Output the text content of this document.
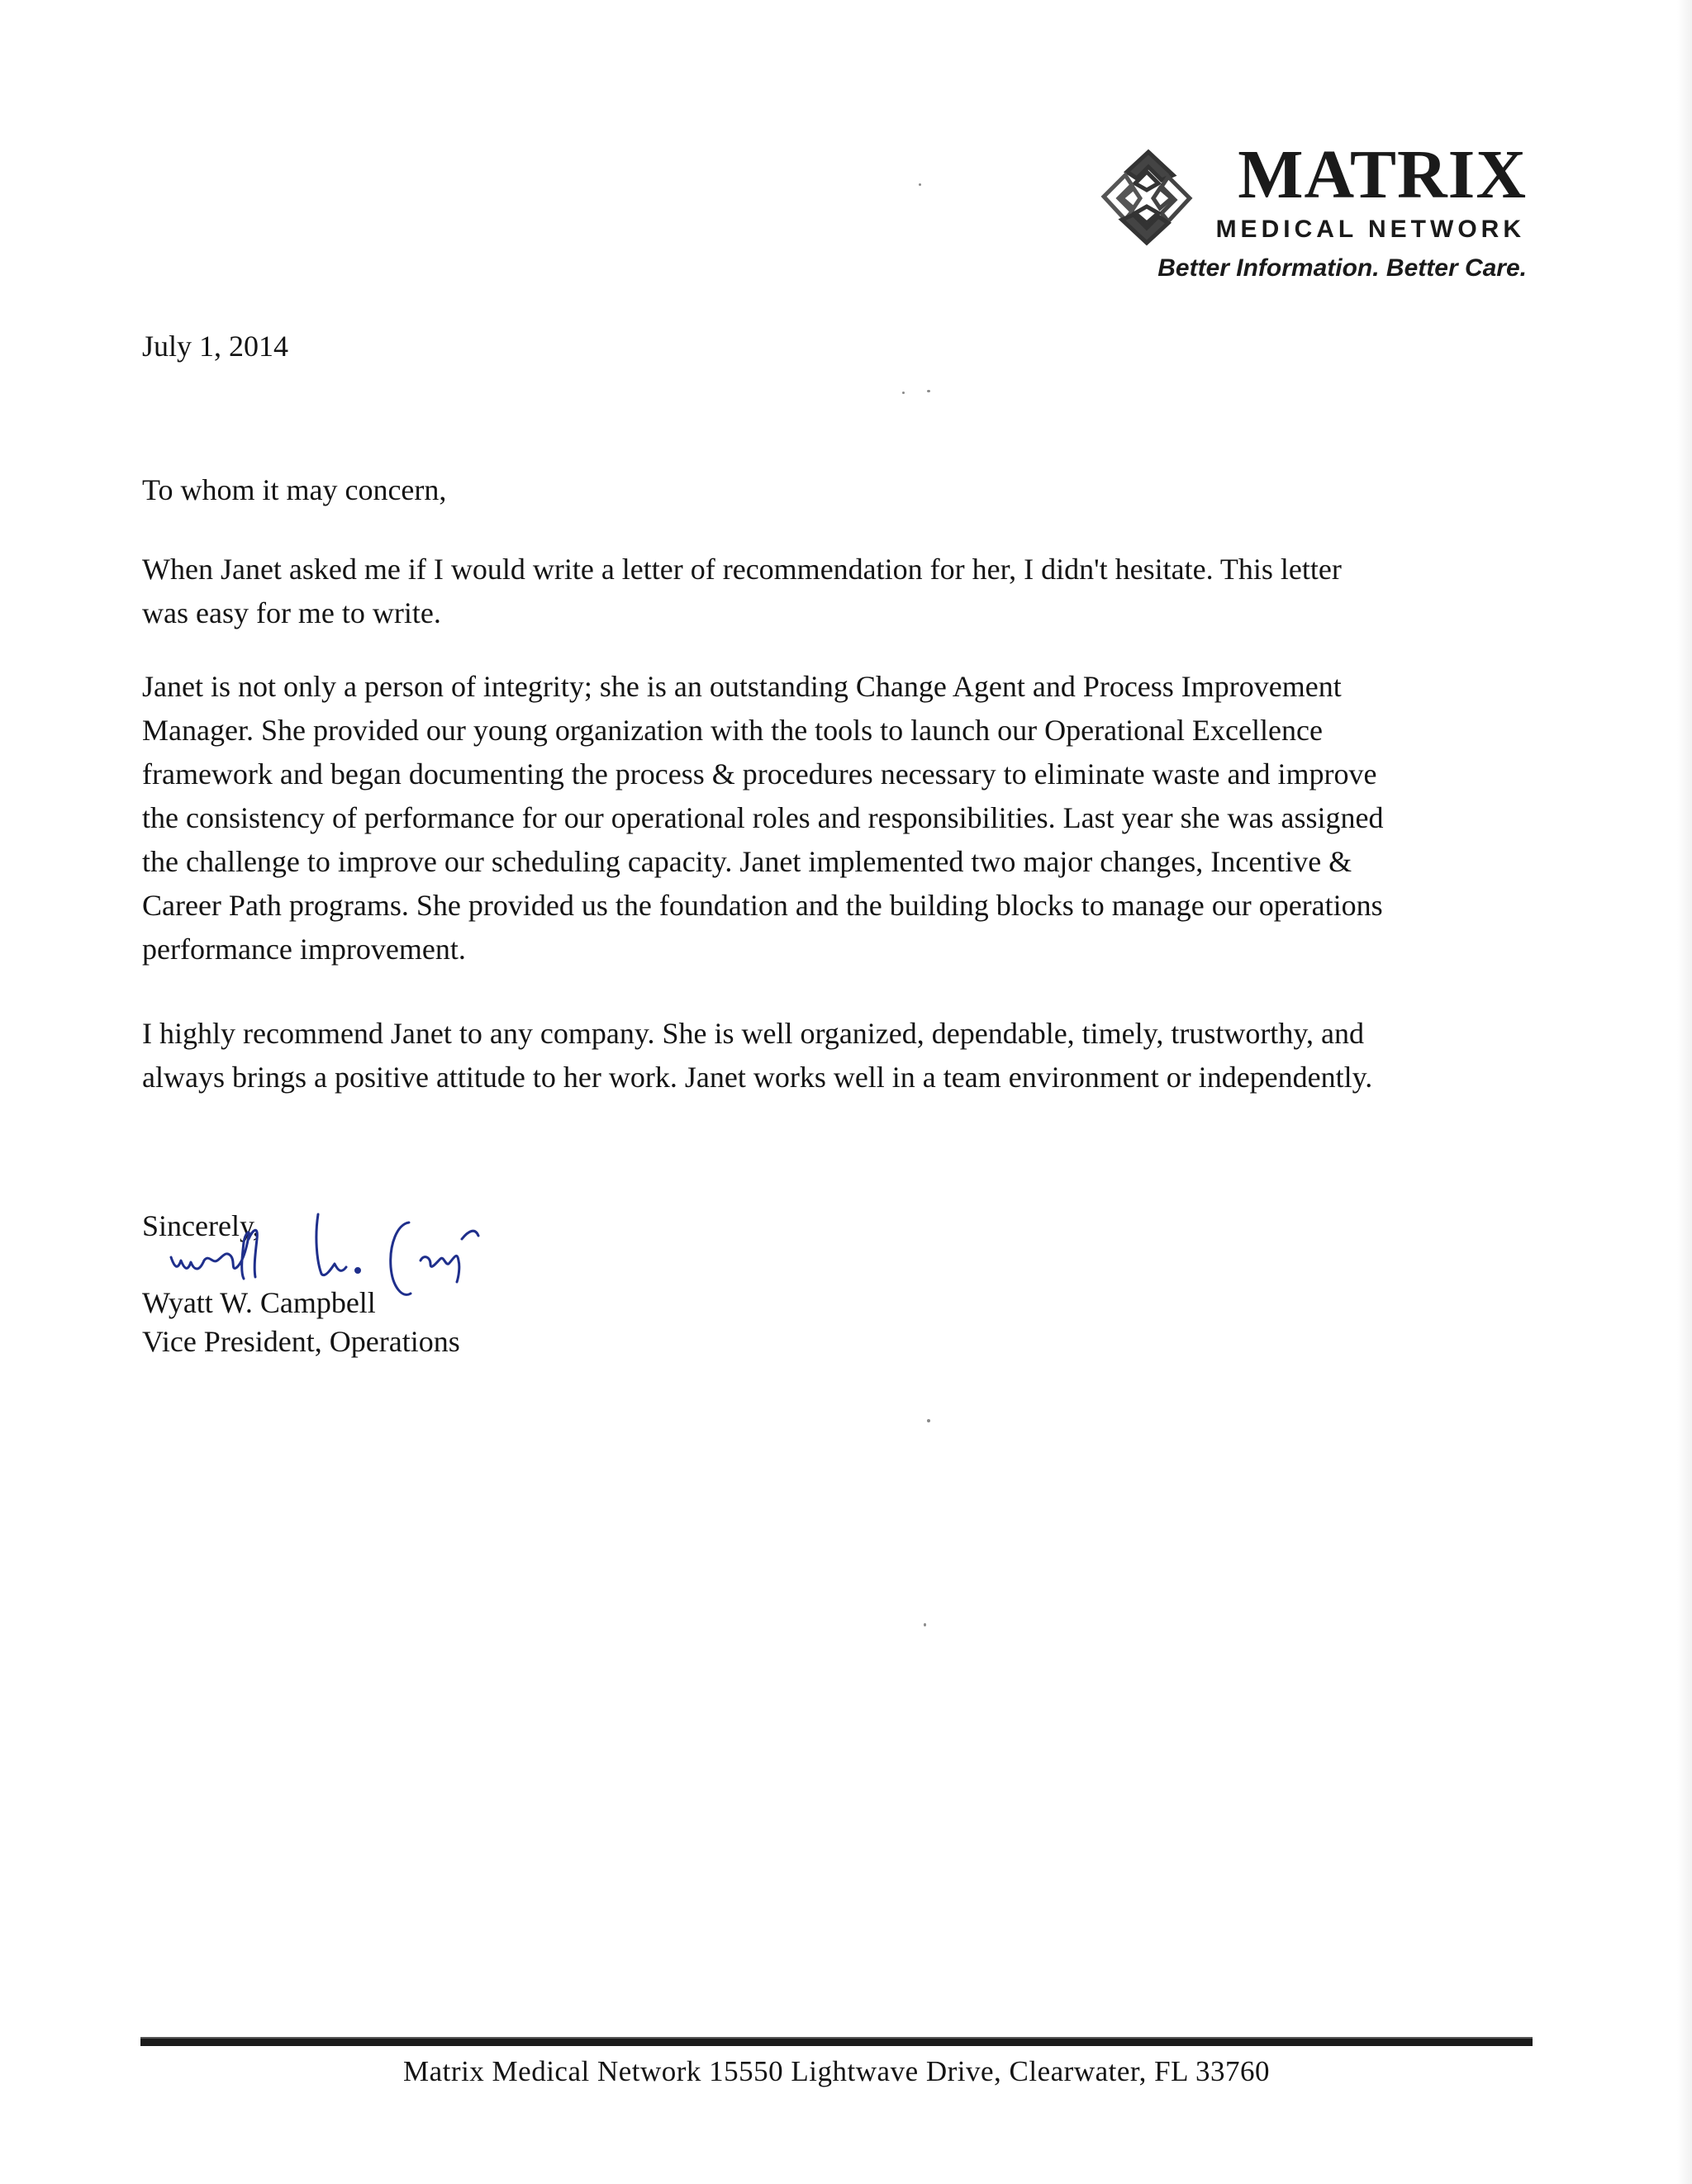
MATRIX
MEDICAL NETWORK
Better Information. Better Care.
July 1, 2014
To whom it may concern,

When Janet asked me if I would write a letter of recommendation for her, I didn't hesitate. This letter
was easy for me to write.

Janet is not only a person of integrity; she is an outstanding Change Agent and Process Improvement
Manager. She provided our young organization with the tools to launch our Operational Excellence
framework and began documenting the process & procedures necessary to eliminate waste and improve
the consistency of performance for our operational roles and responsibilities. Last year she was assigned
the challenge to improve our scheduling capacity. Janet implemented two major changes, Incentive &
Career Path programs. She provided us the foundation and the building blocks to manage our operations
performance improvement.

I highly recommend Janet to any company. She is well organized, dependable, timely, trustworthy, and
always brings a positive attitude to her work. Janet works well in a team environment or independently.

Sincerely,
Wyatt W. Campbell
Vice President, Operations
Matrix Medical Network 15550 Lightwave Drive, Clearwater, FL 33760
